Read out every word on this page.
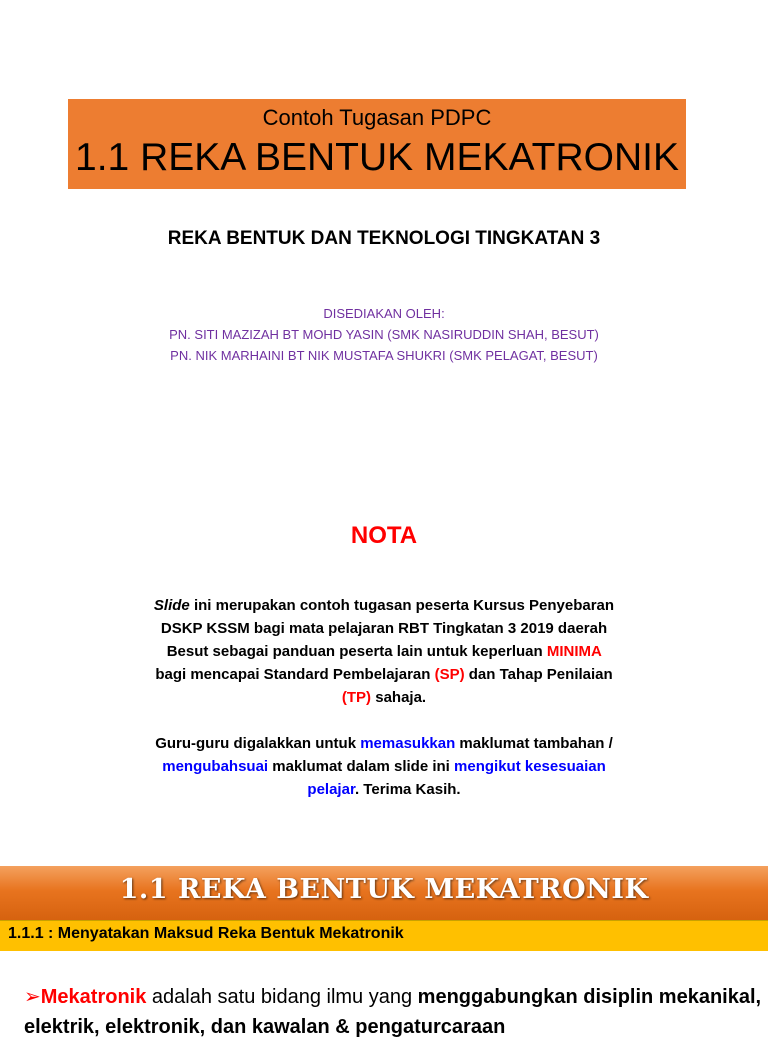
Contoh Tugasan PDPC
1.1 REKA BENTUK MEKATRONIK
REKA BENTUK DAN TEKNOLOGI TINGKATAN 3
DISEDIAKAN OLEH:
PN. SITI MAZIZAH BT MOHD YASIN (SMK NASIRUDDIN SHAH, BESUT)
PN. NIK MARHAINI BT NIK MUSTAFA SHUKRI (SMK PELAGAT, BESUT)
NOTA
Slide ini merupakan contoh tugasan peserta Kursus Penyebaran DSKP KSSM bagi mata pelajaran RBT Tingkatan 3 2019 daerah Besut sebagai panduan peserta lain untuk keperluan MINIMA bagi mencapai Standard Pembelajaran (SP) dan Tahap Penilaian (TP) sahaja.
Guru-guru digalakkan untuk memasukkan maklumat tambahan / mengubahsuai maklumat dalam slide ini mengikut kesesuaian pelajar. Terima Kasih.
1.1 REKA BENTUK MEKATRONIK
1.1.1 : Menyatakan Maksud Reka Bentuk Mekatronik
➢Mekatronik adalah satu bidang ilmu yang menggabungkan disiplin mekanikal, elektrik, elektronik, dan kawalan & pengaturcaraan
